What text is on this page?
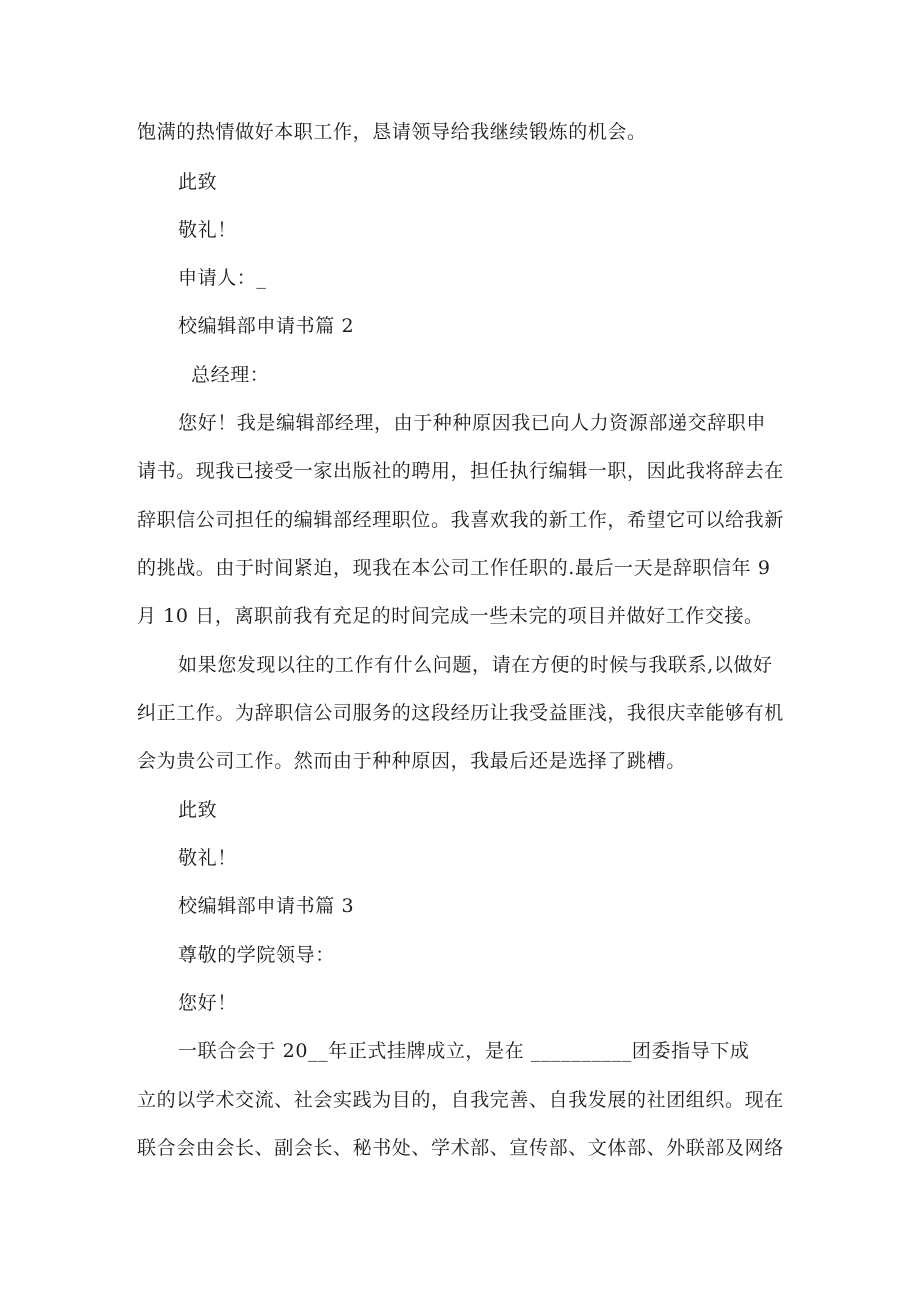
饱满的热情做好本职工作，恳请领导给我继续锻炼的机会。
此致
敬礼！
申请人：_
校编辑部申请书篇 2
总经理：
您好！我是编辑部经理，由于种种原因我已向人力资源部递交辞职申
请书。现我已接受一家出版社的聘用，担任执行编辑一职，因此我将辞去在
辞职信公司担任的编辑部经理职位。我喜欢我的新工作，希望它可以给我新
的挑战。由于时间紧迫，现我在本公司工作任职的.最后一天是辞职信年 9
月 10 日，离职前我有充足的时间完成一些未完的项目并做好工作交接。
如果您发现以往的工作有什么问题，请在方便的时候与我联系,以做好
纠正工作。为辞职信公司服务的这段经历让我受益匪浅，我很庆幸能够有机
会为贵公司工作。然而由于种种原因，我最后还是选择了跳槽。
此致
敬礼！
校编辑部申请书篇 3
尊敬的学院领导：
您好！
一联合会于 20__年正式挂牌成立，是在 __________团委指导下成
立的以学术交流、社会实践为目的，自我完善、自我发展的社团组织。现在
联合会由会长、副会长、秘书处、学术部、宣传部、文体部、外联部及网络
